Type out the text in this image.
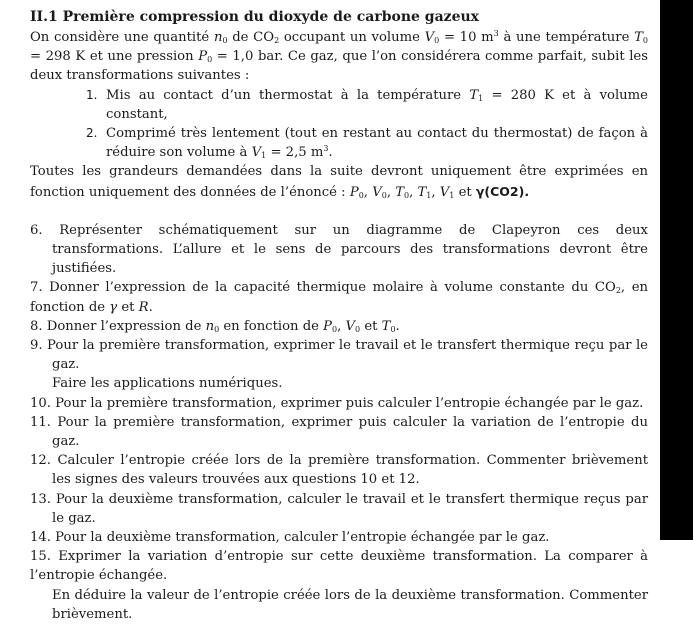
II.1 Première compression du dioxyde de carbone gazeux

On considère une quantité $n_0$ de $CO_2$ occupant un volume $V_0 = 10$ $m^3$ à une température $T_0 = 298$ K et une pression $P_0 = 1,0$ bar. Ce gaz, que l’on considérera comme parfait, subit les deux transformations suivantes :

1. Mis au contact d’un thermostat à la température $T_1 = 280$ K et à volume constant,
2. Comprimé très lentement (tout en restant au contact du thermostat) de façon à réduire son volume à $V_1 = 2,5$ $m^3$.

Toutes les grandeurs demandées dans la suite devront uniquement être exprimées en fonction uniquement des données de l’énoncé : $P_0$, $V_0$, $T_0$, $T_1$, $V_1$ et γ(CO2).

6. Représenter schématiquement sur un diagramme de Clapeyron ces deux transformations. L’allure et le sens de parcours des transformations devront être justifiées.

7. Donner l’expression de la capacité thermique molaire à volume constante du $CO_2$, en fonction de γ et R.

8. Donner l’expression de $n_0$ en fonction de $P_0$, $V_0$ et $T_0$.

9. Pour la première transformation, exprimer le travail et le transfert thermique reçu par le gaz.

Faire les applications numériques.

10. Pour la première transformation, exprimer puis calculer l’entropie échangée par le gaz.

11. Pour la première transformation, exprimer puis calculer la variation de l’entropie du gaz.

12. Calculer l’entropie créée lors de la première transformation. Commenter brièvement les signes des valeurs trouvées aux questions 10 et 12.

13. Pour la deuxième transformation, calculer le travail et le transfert thermique reçus par le gaz.

14. Pour la deuxième transformation, calculer l’entropie échangée par le gaz.

15. Exprimer la variation d’entropie sur cette deuxième transformation. La comparer à l’entropie échangée.

En déduire la valeur de l’entropie créée lors de la deuxième transformation. Commenter brièvement.
